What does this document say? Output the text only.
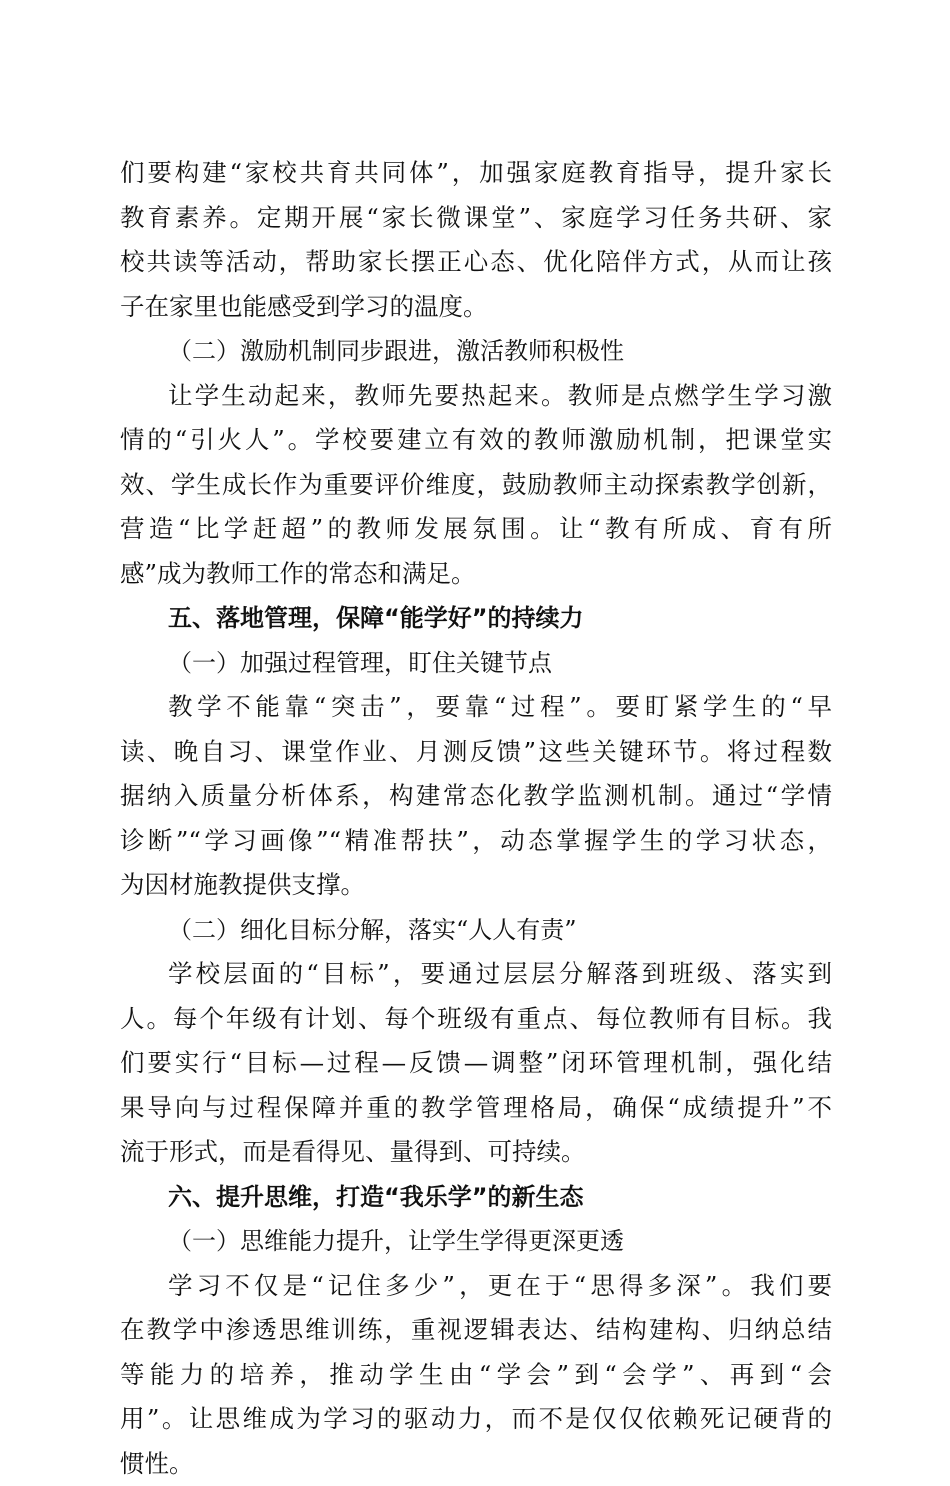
们要构建“家校共育共同体”，加强家庭教育指导，提升家长
教育素养。定期开展“家长微课堂”、家庭学习任务共研、家
校共读等活动，帮助家长摆正心态、优化陪伴方式，从而让孩
子在家里也能感受到学习的温度。
（二）激励机制同步跟进，激活教师积极性
让学生动起来，教师先要热起来。教师是点燃学生学习激
情的“引火人”。学校要建立有效的教师激励机制，把课堂实
效、学生成长作为重要评价维度，鼓励教师主动探索教学创新，
营造“比学赶超”的教师发展氛围。让“教有所成、育有所
感”成为教师工作的常态和满足。
五、落地管理，保障“能学好”的持续力
（一）加强过程管理，盯住关键节点
教学不能靠“突击”，要靠“过程”。要盯紧学生的“早
读、晚自习、课堂作业、月测反馈”这些关键环节。将过程数
据纳入质量分析体系，构建常态化教学监测机制。通过“学情
诊断”“学习画像”“精准帮扶”，动态掌握学生的学习状态，
为因材施教提供支撑。
（二）细化目标分解，落实“人人有责”
学校层面的“目标”，要通过层层分解落到班级、落实到
人。每个年级有计划、每个班级有重点、每位教师有目标。我
们要实行“目标—过程—反馈—调整”闭环管理机制，强化结
果导向与过程保障并重的教学管理格局，确保“成绩提升”不
流于形式，而是看得见、量得到、可持续。
六、提升思维，打造“我乐学”的新生态
（一）思维能力提升，让学生学得更深更透
学习不仅是“记住多少”，更在于“思得多深”。我们要
在教学中渗透思维训练，重视逻辑表达、结构建构、归纳总结
等能力的培养，推动学生由“学会”到“会学”、再到“会
用”。让思维成为学习的驱动力，而不是仅仅依赖死记硬背的
惯性。
